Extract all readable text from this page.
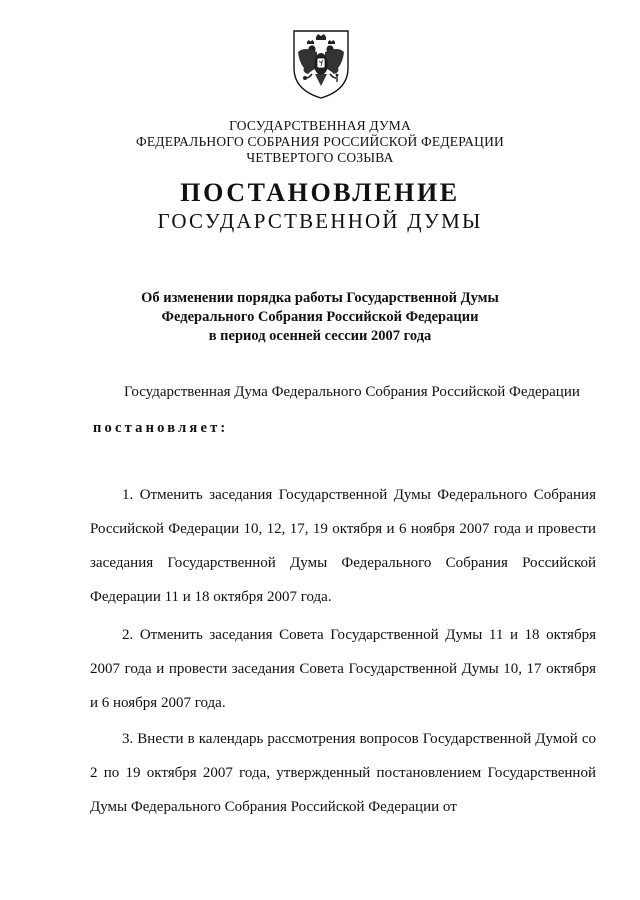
ГОСУДАРСТВЕННАЯ ДУМА
ФЕДЕРАЛЬНОГО СОБРАНИЯ РОССИЙСКОЙ ФЕДЕРАЦИИ
ЧЕТВЕРТОГО СОЗЫВА
ПОСТАНОВЛЕНИЕ
ГОСУДАРСТВЕННОЙ ДУМЫ
Об изменении порядка работы Государственной Думы
Федерального Собрания Российской Федерации
в период осенней сессии 2007 года
Государственная Дума Федерального Собрания Российской Федерации
постановляет:
1. Отменить заседания Государственной Думы Федерального Собрания Российской Федерации 10, 12, 17, 19 октября и 6 ноября 2007 года и провести заседания Государственной Думы Федерального Собрания Российской Федерации 11 и 18 октября 2007 года.
2. Отменить заседания Совета Государственной Думы 11 и 18 октября 2007 года и провести заседания Совета Государственной Думы 10, 17 октября и 6 ноября 2007 года.
3. Внести в календарь рассмотрения вопросов Государственной Думой со 2 по 19 октября 2007 года, утвержденный постановлением Государственной Думы Федерального Собрания Российской Федерации от
